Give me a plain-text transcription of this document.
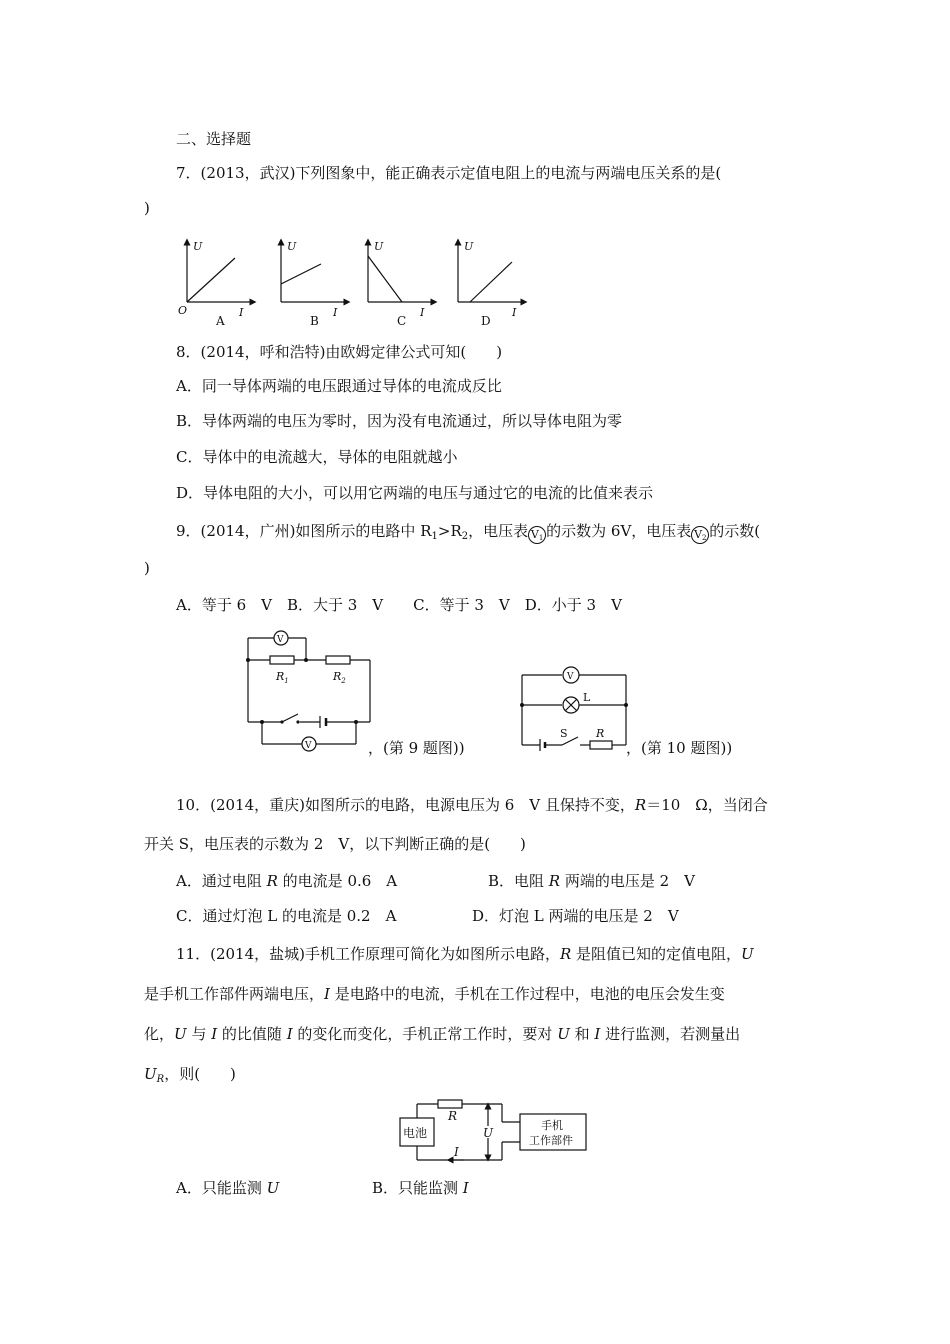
二、选择题
7．(2013，武汉)下列图象中，能正确表示定值电阻上的电流与两端电压关系的是(
)
U
I
O
A
U
I
B
U
I
C
U
I
D
8．(2014，呼和浩特)由欧姆定律公式可知(　　)
A．同一导体两端的电压跟通过导体的电流成反比
B．导体两端的电压为零时，因为没有电流通过，所以导体电阻为零
C．导体中的电流越大，导体的电阻就越小
D．导体电阻的大小，可以用它两端的电压与通过它的电流的比值来表示
9．(2014，广州)如图所示的电路中 $R_1>R_2$，电压表 V1 的示数为 6V，电压表 V2 的示数(
)
A．等于 6　V　B．大于 3　V　　C．等于 3　V　D．小于 3　V
V
V
$R_1$	$R_2$
，(第 9 题图))
V
L
S	R
，(第 10 题图))
10．(2014，重庆)如图所示的电路，电源电压为 6　V 且保持不变，R＝10　Ω，当闭合
开关 S，电压表的示数为 2　V，以下判断正确的是(　　)
A．通过电阻 R 的电流是 0.6　A	B．电阻 R 两端的电压是 2　V
C．通过灯泡 L 的电流是 0.2　A	D．灯泡 L 两端的电压是 2　V
11．(2014，盐城)手机工作原理可简化为如图所示电路，R 是阻值已知的定值电阻，U
是手机工作部件两端电压，I 是电路中的电流，手机在工作过程中，电池的电压会发生变
化，U 与 I 的比值随 I 的变化而变化，手机正常工作时，要对 U 和 I 进行监测，若测量出
$U_R$，则(　　)
电池
手机
工作部件
R
U
I
A．只能监测 U	B．只能监测 I
